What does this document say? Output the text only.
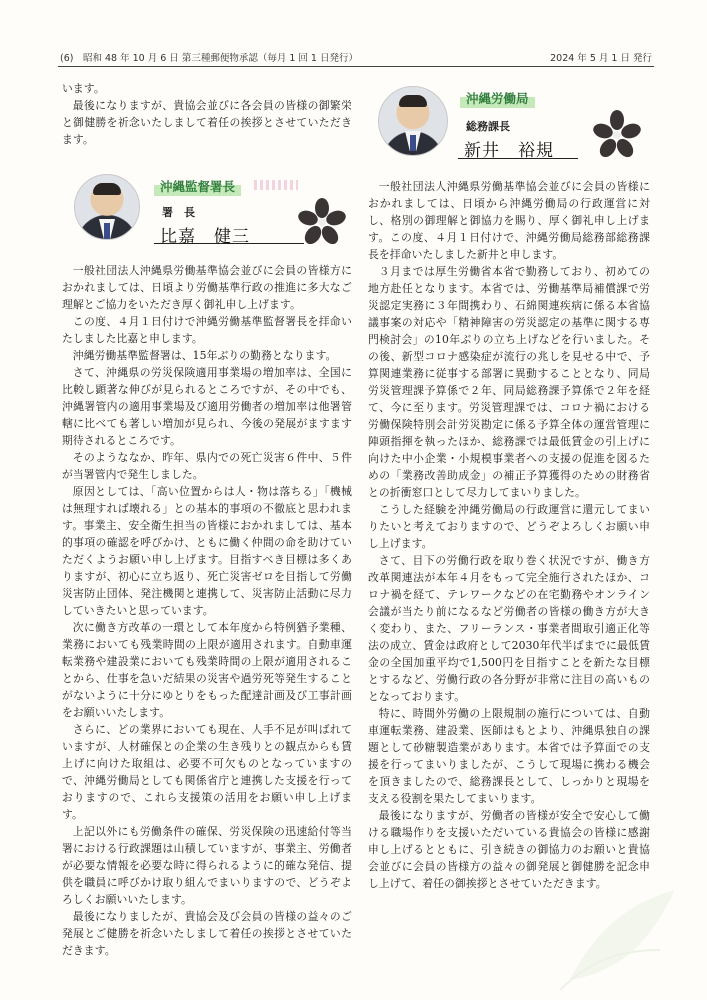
(6)　昭和 48 年 10 月 6 日 第三種郵便物承認（毎月 1 回 1 日発行）	2024 年 5 月 1 日 発行

います。

最後になりますが、貴協会並びに各会員の皆様の御繁栄と御健勝を祈念いたしまして着任の挨拶とさせていただきます。

沖縄監督署長
署　長
比嘉　健三

一般社団法人沖縄県労働基準協会並びに会員の皆様方におかれましては、日頃より労働基準行政の推進に多大なご理解とご協力をいただき厚く御礼申し上げます。

この度、４月１日付けで沖縄労働基準監督署長を拝命いたしました比嘉と申します。

沖縄労働基準監督署は、15年ぶりの勤務となります。

さて、沖縄県の労災保険適用事業場の増加率は、全国に比較し顕著な伸びが見られるところですが、その中でも、沖縄署管内の適用事業場及び適用労働者の増加率は他署管轄に比べても著しい増加が見られ、今後の発展がますます期待されるところです。

そのようななか、昨年、県内での死亡災害６件中、５件が当署管内で発生しました。

原因としては、「高い位置からは人・物は落ちる」「機械は無理すれば壊れる」との基本的事項の不徹底と思われます。事業主、安全衛生担当の皆様におかれましては、基本的事項の確認を呼びかけ、ともに働く仲間の命を助けていただくようお願い申し上げます。目指すべき目標は多くありますが、初心に立ち返り、死亡災害ゼロを目指して労働災害防止団体、発注機関と連携して、災害防止活動に尽力していきたいと思っています。

次に働き方改革の一環として本年度から特例猶予業種、業務においても残業時間の上限が適用されます。自動車運転業務や建設業においても残業時間の上限が適用されることから、仕事を急いだ結果の災害や過労死等発生することがないように十分にゆとりをもった配達計画及び工事計画をお願いいたします。

さらに、どの業界においても現在、人手不足が叫ばれていますが、人材確保との企業の生き残りとの観点からも賃上げに向けた取組は、必要不可欠ものとなっていますので、沖縄労働局としても関係省庁と連携した支援を行っておりますので、これら支援策の活用をお願い申し上げます。

上記以外にも労働条件の確保、労災保険の迅速給付等当署における行政課題は山積していますが、事業主、労働者が必要な情報を必要な時に得られるように的確な発信、提供を職員に呼びかけ取り組んでまいりますので、どうぞよろしくお願いいたします。

最後になりましたが、貴協会及び会員の皆様の益々のご発展とご健勝を祈念いたしまして着任の挨拶とさせていただきます。

沖縄労働局
総務課長
新井　裕規

一般社団法人沖縄県労働基準協会並びに会員の皆様におかれましては、日頃から沖縄労働局の行政運営に対し、格別の御理解と御協力を賜り、厚く御礼申し上げます。この度、４月１日付けで、沖縄労働局総務部総務課長を拝命いたしました新井と申します。

３月までは厚生労働省本省で勤務しており、初めての地方赴任となります。本省では、労働基準局補償課で労災認定実務に３年間携わり、石綿関連疾病に係る本省協議事案の対応や「精神障害の労災認定の基準に関する専門検討会」の10年ぶりの立ち上げなどを行いました。その後、新型コロナ感染症が流行の兆しを見せる中で、予算関連業務に従事する部署に異動することとなり、同局労災管理課予算係で２年、同局総務課予算係で２年を経て、今に至ります。労災管理課では、コロナ禍における労働保険特別会計労災勘定に係る予算全体の運営管理に陣頭指揮を執ったほか、総務課では最低賃金の引上げに向けた中小企業・小規模事業者への支援の促進を図るための「業務改善助成金」の補正予算獲得のための財務省との折衝窓口として尽力してまいりました。

こうした経験を沖縄労働局の行政運営に還元してまいりたいと考えておりますので、どうぞよろしくお願い申し上げます。

さて、目下の労働行政を取り巻く状況ですが、働き方改革関連法が本年４月をもって完全施行されたほか、コロナ禍を経て、テレワークなどの在宅勤務やオンライン会議が当たり前になるなど労働者の皆様の働き方が大きく変わり、また、フリーランス・事業者間取引適正化等法の成立、賃金は政府として2030年代半ばまでに最低賃金の全国加重平均で1,500円を目指すことを新たな目標とするなど、労働行政の各分野が非常に注目の高いものとなっております。

特に、時間外労働の上限規制の施行については、自動車運転業務、建設業、医師はもとより、沖縄県独自の課題として砂糖製造業があります。本省では予算面での支援を行ってまいりましたが、こうして現場に携わる機会を頂きましたので、総務課長として、しっかりと現場を支える役割を果たしてまいります。

最後になりますが、労働者の皆様が安全で安心して働ける職場作りを支援いただいている貴協会の皆様に感謝申し上げるとともに、引き続きの御協力のお願いと貴協会並びに会員の皆様方の益々の御発展と御健勝を記念申し上げて、着任の御挨拶とさせていただきます。
